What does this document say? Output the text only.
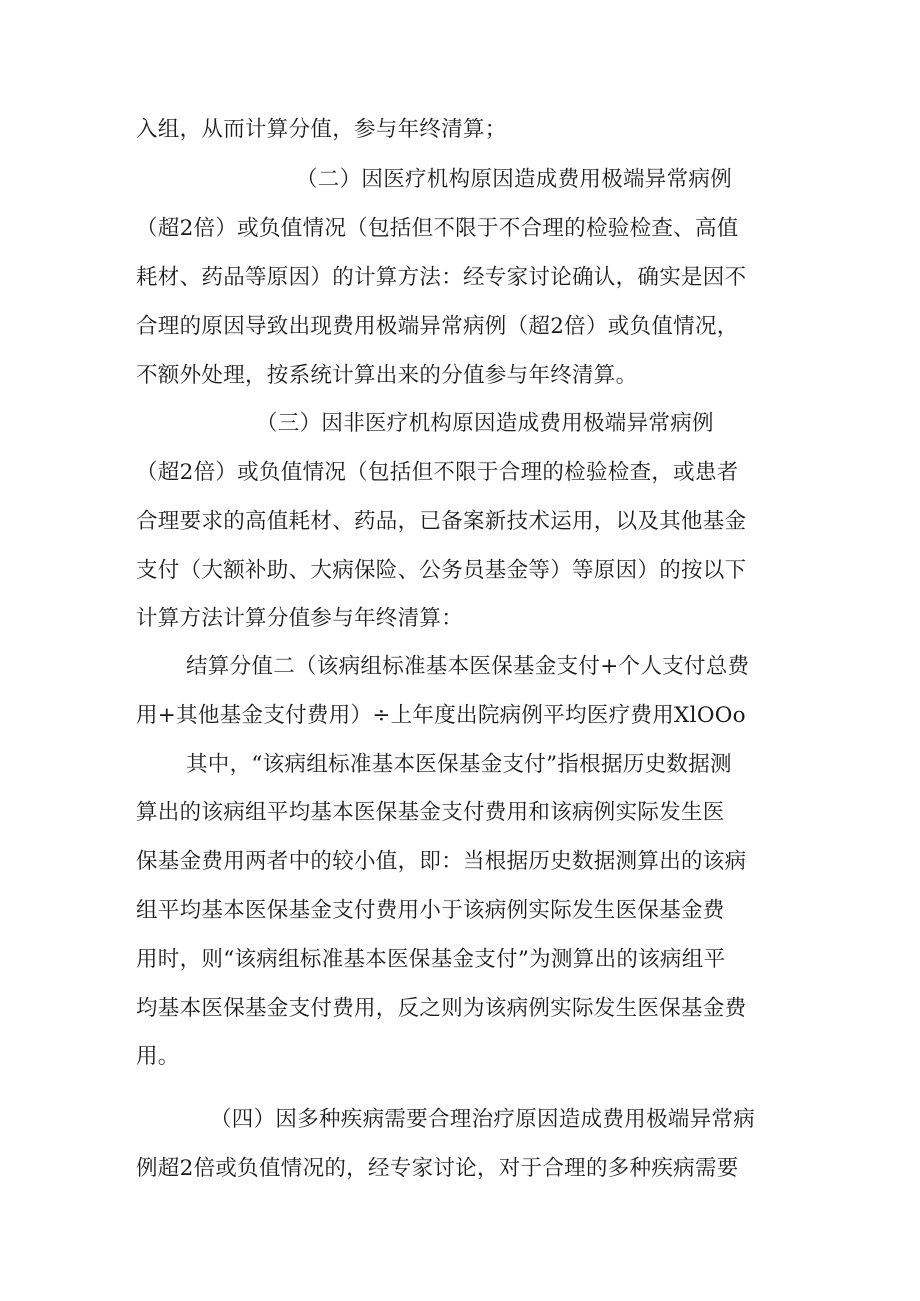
入组，从而计算分值，参与年终清算；
（二）因医疗机构原因造成费用极端异常病例
（超2倍）或负值情况（包括但不限于不合理的检验检查、高值
耗材、药品等原因）的计算方法：经专家讨论确认，确实是因不
合理的原因导致出现费用极端异常病例（超2倍）或负值情况，
不额外处理，按系统计算出来的分值参与年终清算。
（三）因非医疗机构原因造成费用极端异常病例
（超2倍）或负值情况（包括但不限于合理的检验检查，或患者
合理要求的高值耗材、药品，已备案新技术运用，以及其他基金
支付（大额补助、大病保险、公务员基金等）等原因）的按以下
计算方法计算分值参与年终清算：
结算分值二（该病组标准基本医保基金支付+个人支付总费
用+其他基金支付费用）÷上年度出院病例平均医疗费用XlOOo
其中，“该病组标准基本医保基金支付”指根据历史数据测
算出的该病组平均基本医保基金支付费用和该病例实际发生医
保基金费用两者中的较小值，即：当根据历史数据测算出的该病
组平均基本医保基金支付费用小于该病例实际发生医保基金费
用时，则“该病组标准基本医保基金支付”为测算出的该病组平
均基本医保基金支付费用，反之则为该病例实际发生医保基金费
用。
（四）因多种疾病需要合理治疗原因造成费用极端异常病
例超2倍或负值情况的，经专家讨论，对于合理的多种疾病需要
